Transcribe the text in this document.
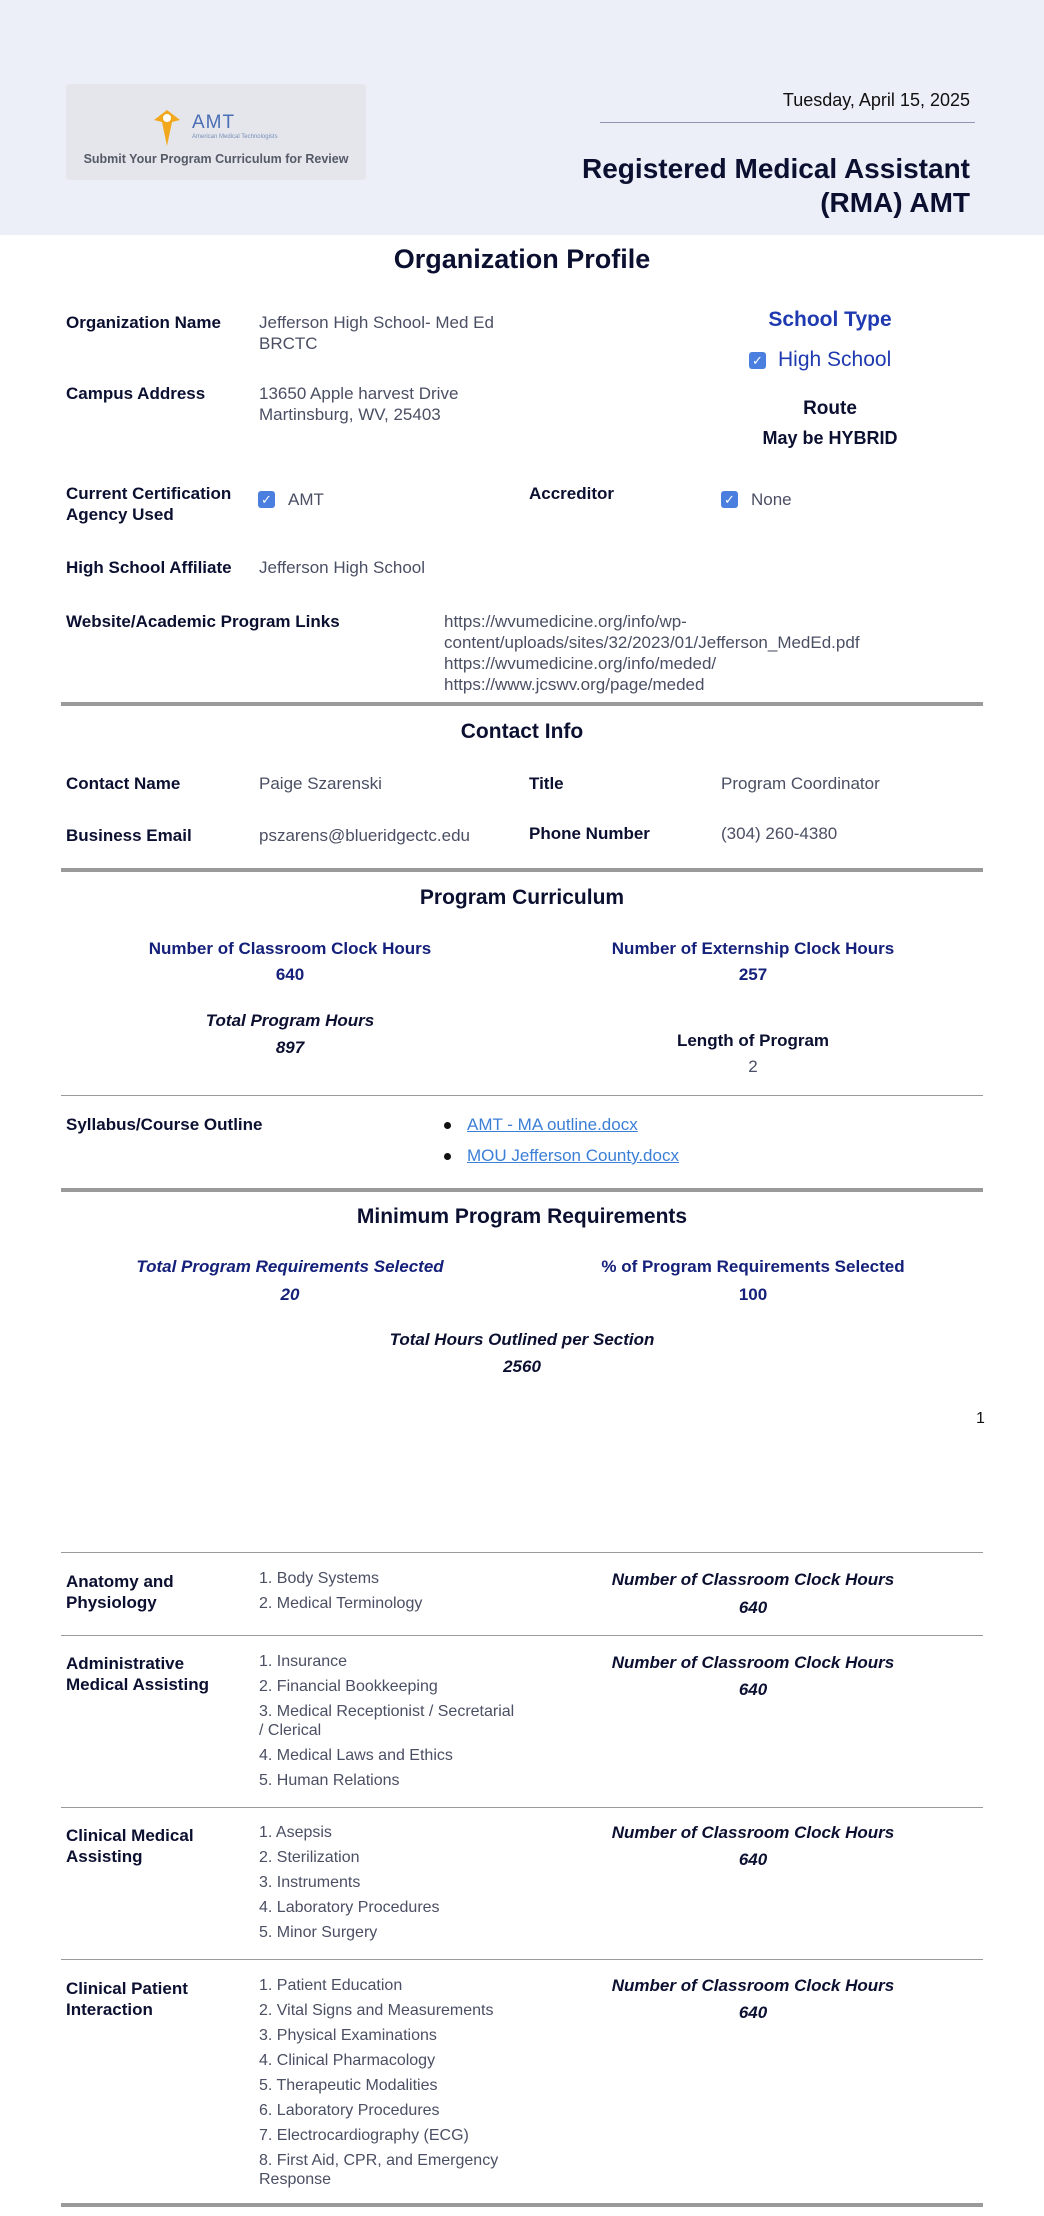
AMT
American Medical Technologists
Submit Your Program Curriculum for Review
Tuesday, April 15, 2025
Registered Medical Assistant
(RMA) AMT
Organization Profile
Organization Name Jefferson High School- Med Ed
BRCTC
Campus Address	13650 Apple harvest Drive
Martinsburg, WV, 25403
School Type
✓ High School
Route
May be HYBRID
Current Certification
Agency Used
✓ AMT	Accreditor	✓ None
High School Affiliate Jefferson High School
Website/Academic Program Links	https://wvumedicine.org/info/wp-
content/uploads/sites/32/2023/01/Jefferson_MedEd.pdf
https://wvumedicine.org/info/meded/
https://www.jcswv.org/page/meded
Contact Info
Contact Name	Paige Szarenski	Title	Program Coordinator
Business Email	pszarens@blueridgectc.edu	Phone Number	(304) 260-4380
Program Curriculum
Number of Classroom Clock Hours
640
Number of Externship Clock Hours
257
Total Program Hours
897	Length of Program
2
Syllabus/Course Outline	AMT - MA outline.docx
MOU Jefferson County.docx
Minimum Program Requirements
Total Program Requirements Selected
20
% of Program Requirements Selected
100
Total Hours Outlined per Section
2560
1
Anatomy and
Physiology
1. Body Systems
2. Medical Terminology
Number of Classroom Clock Hours
640
Administrative
Medical Assisting
1. Insurance
2. Financial Bookkeeping
3. Medical Receptionist / Secretarial
/ Clerical
4. Medical Laws and Ethics
5. Human Relations
Number of Classroom Clock Hours
640
Clinical Medical
Assisting
1. Asepsis
2. Sterilization
3. Instruments
4. Laboratory Procedures
5. Minor Surgery
Number of Classroom Clock Hours
640
Clinical Patient
Interaction
1. Patient Education
2. Vital Signs and Measurements
3. Physical Examinations
4. Clinical Pharmacology
5. Therapeutic Modalities
6. Laboratory Procedures
7. Electrocardiography (ECG)
8. First Aid, CPR, and Emergency
Response
Number of Classroom Clock Hours
640
